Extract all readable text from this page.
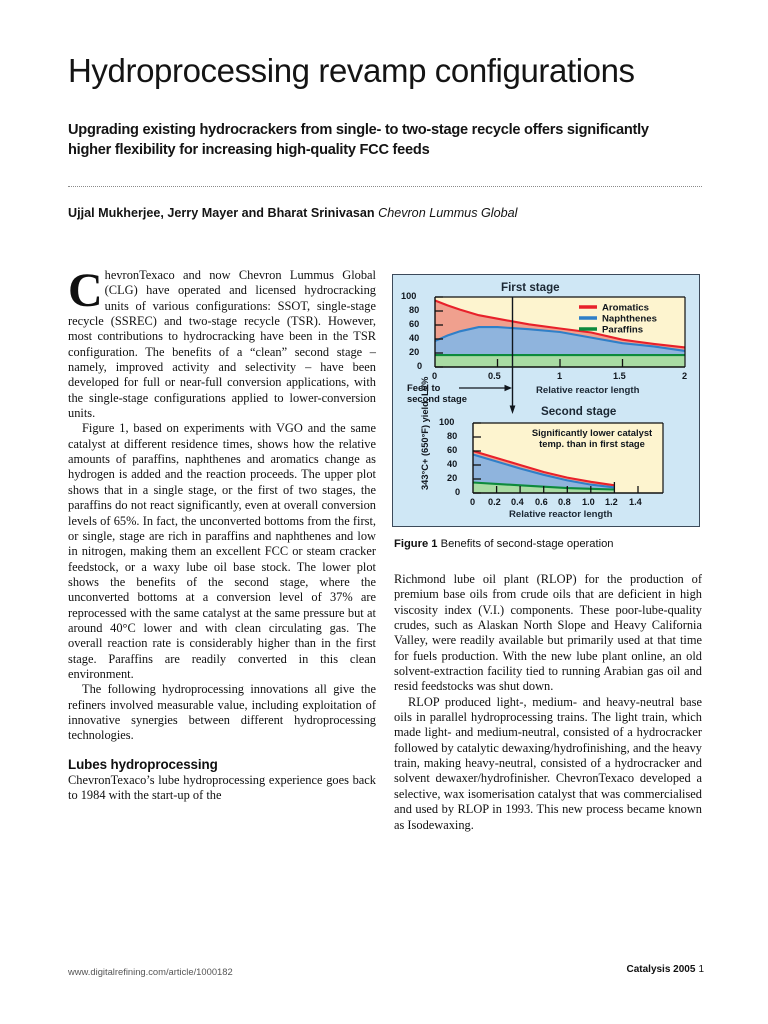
Hydroprocessing revamp configurations

Upgrading existing hydrocrackers from single- to two-stage recycle offers significantly higher flexibility for increasing high-quality FCC feeds

Ujjal Mukherjee, Jerry Mayer and Bharat Srinivasan Chevron Lummus Global

ChevronTexaco and now Chevron Lummus Global (CLG) have operated and licensed hydrocracking units of various configurations: SSOT, single-stage recycle (SSREC) and two-stage recycle (TSR). However, most contributions to hydrocracking have been in the TSR configuration. The benefits of a “clean” second stage – namely, improved activity and selectivity – have been developed for full or near-full conversion applications, with the single-stage configurations applied to lower-conversion units.

Figure 1, based on experiments with VGO and the same catalyst at different residence times, shows how the relative amounts of paraffins, naphthenes and aromatics change as hydrogen is added and the reaction proceeds. The upper plot shows that in a single stage, or the first of two stages, the paraffins do not react significantly, even at overall conversion levels of 65%. In fact, the unconverted bottoms from the first, or single, stage are rich in paraffins and naphthenes and low in nitrogen, making them an excellent FCC or steam cracker feedstock, or a waxy lube oil base stock. The lower plot shows the benefits of the second stage, where the unconverted bottoms at a conversion level of 37% are reprocessed with the same catalyst at the same pressure but at around 40°C lower and with clean circulating gas. The overall reaction rate is considerably higher than in the first stage. Paraffins are readily converted in this clean environment.

The following hydroprocessing innovations all give the refiners involved measurable value, including exploitation of innovative synergies between different hydroprocessing technologies.

Lubes hydroprocessing

ChevronTexaco’s lube hydroprocessing experience goes back to 1984 with the start-up of the

First stage
Aromatics
Naphthenes
Paraffins
100
80
60
40
20
0
0	0.5	1	1.5	2
Relative reactor length
Feed to
second stage
Second stage
343°C+ (650°F) yield, LV% 100
80
60
40
20
0
0 0.2 0.4 0.6 0.8 1.0 1.2 1.4
Relative reactor length
Significantly lower catalyst
temp. than in first stage
Figure 1 Benefits of second-stage operation

Richmond lube oil plant (RLOP) for the production of premium base oils from crude oils that are deficient in high viscosity index (V.I.) components. These poor-lube-quality crudes, such as Alaskan North Slope and Heavy California Valley, were readily available but primarily used at that time for fuels production. With the new lube plant online, an old solvent-extraction facility tied to running Arabian gas oil and resid feedstocks was shut down.

RLOP produced light-, medium- and heavy-neutral base oils in parallel hydroprocessing trains. The light train, which made light- and medium-neutral, consisted of a hydrocracker followed by catalytic dewaxing/hydrofinishing, and the heavy train, making heavy-neutral, consisted of a hydrocracker and solvent dewaxer/hydrofinisher. ChevronTexaco developed a selective, wax isomerisation catalyst that was commercialised and used by RLOP in 1993. This new process became known as Isodewaxing.

www.digitalrefining.com/article/1000182	Catalysis 2005 1
